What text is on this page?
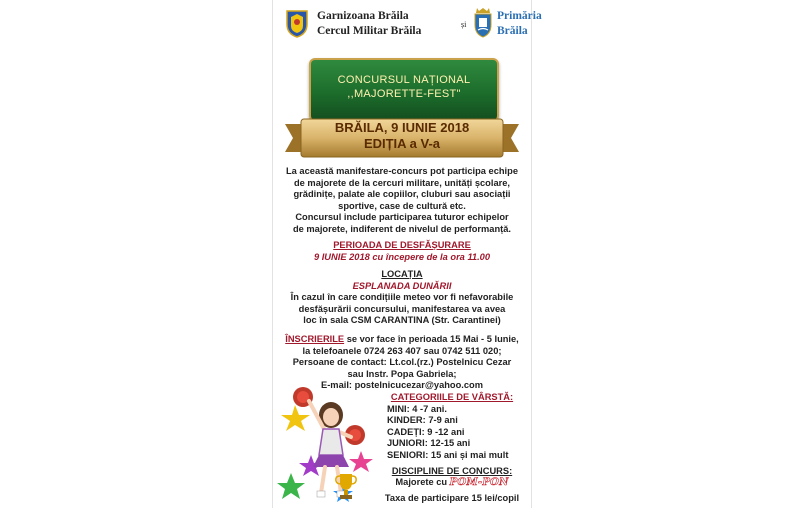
Garnizoana Brăila
Cercul Militar Brăila
și
Primăria
Brăila
CONCURSUL NAȚIONAL
,,MAJORETTE-FEST"
BRĂILA, 9 IUNIE 2018
EDIȚIA a V-a
La această manifestare-concurs pot participa echipe
de majorete de la cercuri militare, unități școlare,
grădinițe, palate ale copiilor, cluburi sau asociații
sportive, case de cultură etc.
Concursul include participarea tuturor echipelor
de majorete, indiferent de nivelul de performanță.
PERIOADA DE DESFĂȘURARE
9 IUNIE 2018 cu începere de la ora 11.00
LOCAȚIA
ESPLANADA DUNĂRII
În cazul în care condițiile meteo vor fi nefavorabile
desfășurării concursului, manifestarea va avea
loc în sala CSM CARANTINA (Str. Carantinei)
ÎNSCRIERILE se vor face în perioada 15 Mai - 5 Iunie,
la telefoanele 0724 263 407 sau 0742 511 020;
Persoane de contact: Lt.col.(rz.) Postelnicu Cezar
sau Instr. Popa Gabriela;
E-mail: postelnicucezar@yahoo.com
CATEGORIILE DE VÂRSTĂ:
MINI: 4 -7 ani.
KINDER: 7-9 ani
CADEȚI: 9 -12 ani
JUNIORI: 12-15 ani
SENIORI: 15 ani și mai mult
DISCIPLINE DE CONCURS:
Majorete cu POM-PON
Taxa de participare 15 lei/copil
